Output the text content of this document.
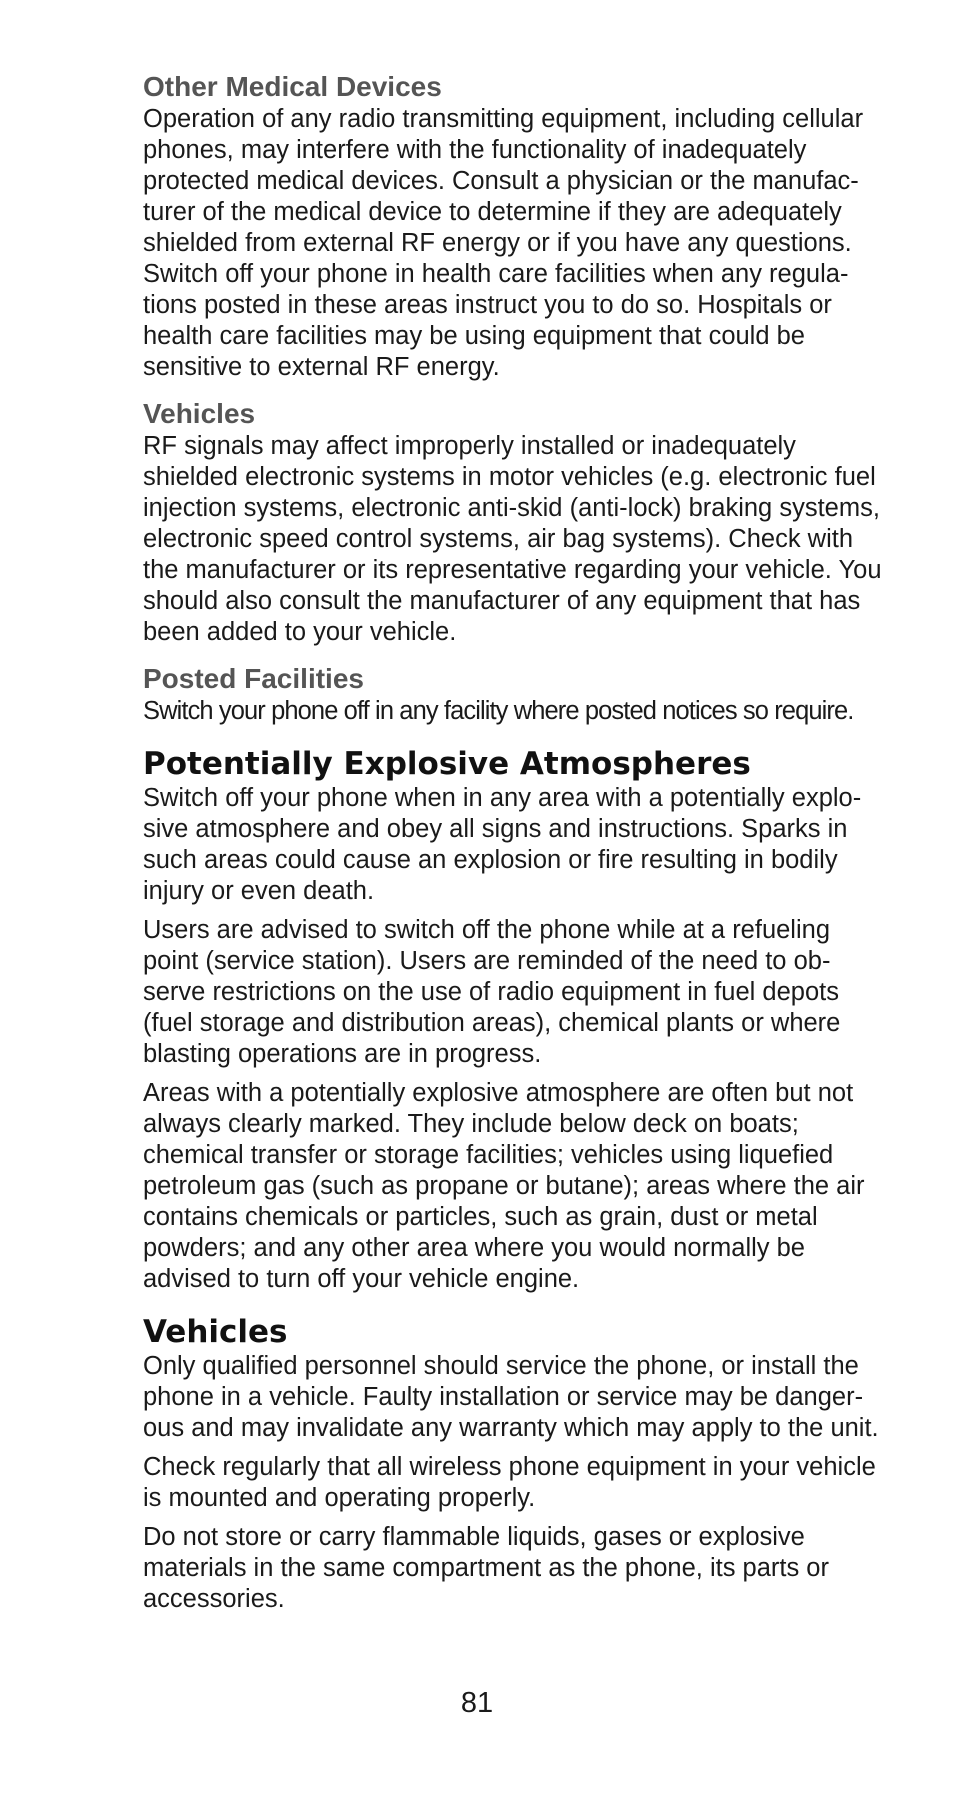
Other Medical Devices

Operation of any radio transmitting equipment, including cellular phones, may interfere with the functionality of inadequately protected medical devices. Consult a physician or the manufacturer of the medical device to determine if they are adequately shielded from external RF energy or if you have any questions. Switch off your phone in health care facilities when any regulations posted in these areas instruct you to do so. Hospitals or health care facilities may be using equipment that could be sensitive to external RF energy.

Vehicles

RF signals may affect improperly installed or inadequately shielded electronic systems in motor vehicles (e.g. electronic fuel injection systems, electronic anti-skid (anti-lock) braking systems, electronic speed control systems, air bag systems). Check with the manufacturer or its representative regarding your vehicle. You should also consult the manufacturer of any equipment that has been added to your vehicle.

Posted Facilities

Switch your phone off in any facility where posted notices so require.

Potentially Explosive Atmospheres

Switch off your phone when in any area with a potentially explosive atmosphere and obey all signs and instructions. Sparks in such areas could cause an explosion or fire resulting in bodily injury or even death.

Users are advised to switch off the phone while at a refueling point (service station). Users are reminded of the need to observe restrictions on the use of radio equipment in fuel depots (fuel storage and distribution areas), chemical plants or where blasting operations are in progress.

Areas with a potentially explosive atmosphere are often but not always clearly marked. They include below deck on boats; chemical transfer or storage facilities; vehicles using liquefied petroleum gas (such as propane or butane); areas where the air contains chemicals or particles, such as grain, dust or metal powders; and any other area where you would normally be advised to turn off your vehicle engine.

Vehicles

Only qualified personnel should service the phone, or install the phone in a vehicle. Faulty installation or service may be dangerous and may invalidate any warranty which may apply to the unit.

Check regularly that all wireless phone equipment in your vehicle is mounted and operating properly.

Do not store or carry flammable liquids, gases or explosive materials in the same compartment as the phone, its parts or accessories.

81
